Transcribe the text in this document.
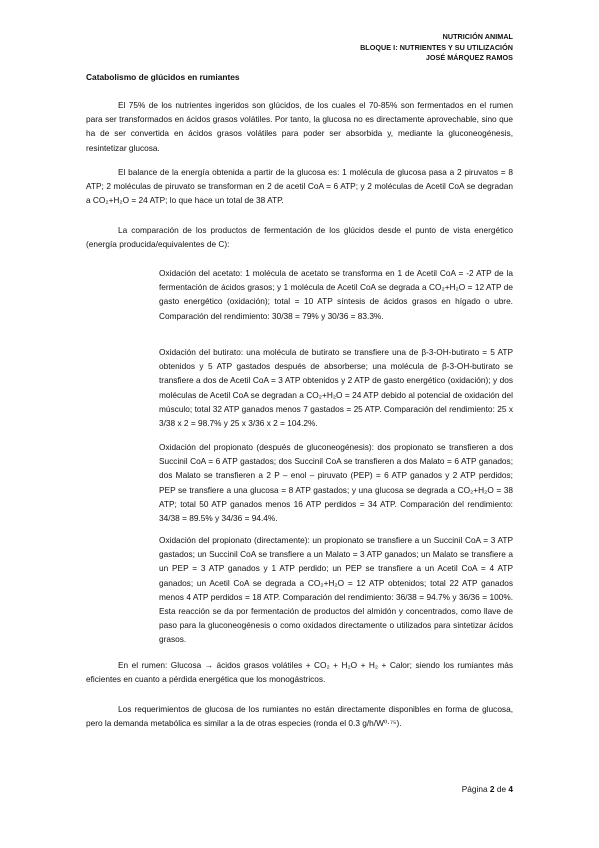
NUTRICIÓN ANIMAL
BLOQUE I: NUTRIENTES Y SU UTILIZACIÓN
JOSÉ MÁRQUEZ RAMOS
Catabolismo de glúcidos en rumiantes

El 75% de los nutrientes ingeridos son glúcidos, de los cuales el 70-85% son fermentados en el rumen para ser transformados en ácidos grasos volátiles. Por tanto, la glucosa no es directamente aprovechable, sino que ha de ser convertida en ácidos grasos volátiles para poder ser absorbida y, mediante la gluconeogénesis, resintetizar glucosa.

El balance de la energía obtenida a partir de la glucosa es: 1 molécula de glucosa pasa a 2 piruvatos = 8 ATP; 2 moléculas de piruvato se transforman en 2 de acetil CoA = 6 ATP; y 2 moléculas de Acetil CoA se degradan a CO₂+H₂O = 24 ATP; lo que hace un total de 38 ATP.

La comparación de los productos de fermentación de los glúcidos desde el punto de vista energético (energía producida/equivalentes de C):

Oxidación del acetato: 1 molécula de acetato se transforma en 1 de Acetil CoA = -2 ATP de la fermentación de ácidos grasos; y 1 molécula de Acetil CoA se degrada a CO₂+H₂O = 12 ATP de gasto energético (oxidación); total = 10 ATP síntesis de ácidos grasos en hígado o ubre. Comparación del rendimiento: 30/38 = 79% y 30/36 = 83.3%.

Oxidación del butirato: una molécula de butirato se transfiere una de β-3-OH-butirato = 5 ATP obtenidos y 5 ATP gastados después de absorberse; una molécula de β-3-OH-butirato se transfiere a dos de Acetil CoA = 3 ATP obtenidos y 2 ATP de gasto energético (oxidación); y dos moléculas de Acetil CoA se degradan a CO₂+H₂O = 24 ATP debido al potencial de oxidación del músculo; total 32 ATP ganados menos 7 gastados = 25 ATP. Comparación del rendimiento: 25 x 3/38 x 2 = 98.7% y 25 x 3/36 x 2 = 104.2%.

Oxidación del propionato (después de gluconeogénesis): dos propionato se transfieren a dos Succinil CoA = 6 ATP gastados; dos Succinil CoA se transfieren a dos Malato = 6 ATP ganados; dos Malato se transfieren a 2 P – enol – piruvato (PEP) = 6 ATP ganados y 2 ATP perdidos; PEP se transfiere a una glucosa = 8 ATP gastados; y una glucosa se degrada a CO₂+H₂O = 38 ATP; total 50 ATP ganados menos 16 ATP perdidos = 34 ATP. Comparación del rendimiento: 34/38 = 89.5% y 34/36 = 94.4%.

Oxidación del propionato (directamente): un propionato se transfiere a un Succinil CoA = 3 ATP gastados; un Succinil CoA se transfiere a un Malato = 3 ATP ganados; un Malato se transfiere a un PEP = 3 ATP ganados y 1 ATP perdido; un PEP se transfiere a un Acetil CoA = 4 ATP ganados; un Acetil CoA se degrada a CO₂+H₂O = 12 ATP obtenidos; total 22 ATP ganados menos 4 ATP perdidos = 18 ATP. Comparación del rendimiento: 36/38 = 94.7% y 36/36 = 100%. Esta reacción se da por fermentación de productos del almidón y concentrados, como llave de paso para la gluconeogénesis o como oxidados directamente o utilizados para sintetizar ácidos grasos.

En el rumen: Glucosa → ácidos grasos volátiles + CO₂ + H₂O + H₂ + Calor; siendo los rumiantes más eficientes en cuanto a pérdida energética que los monogástricos.

Los requerimientos de glucosa de los rumiantes no están directamente disponibles en forma de glucosa, pero la demanda metabólica es similar a la de otras especies (ronda el 0.3 g/h/W⁰·⁷⁵).

Página 2 de 4
